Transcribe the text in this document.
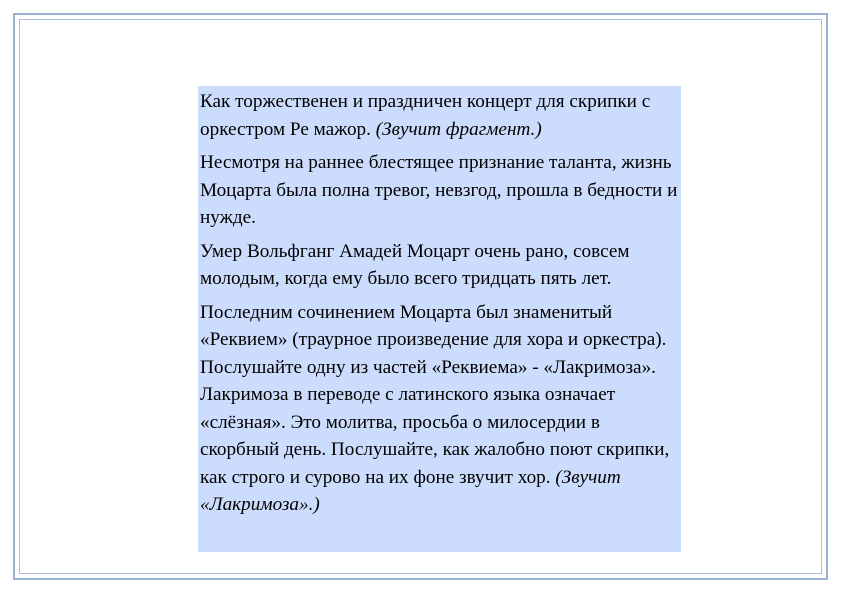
Как торжественен и праздничен концерт для скрипки с оркестром Ре мажор. (Звучит фрагмент.)

Несмотря на раннее блестящее признание таланта, жизнь Моцарта была полна тревог, невзгод, прошла в бедности и нужде.

Умер Вольфганг Амадей Моцарт очень рано, совсем молодым, когда ему было всего тридцать пять лет.

Последним сочинением Моцарта был знаменитый «Реквием» (траурное произведение для хора и оркестра). Послушайте одну из частей «Реквиема» - «Лакримоза». Лакримоза в переводе с латинского языка означает «слёзная». Это молитва, просьба о милосердии в скорбный день. Послушайте, как жалобно поют скрипки, как строго и сурово на их фоне звучит хор. (Звучит «Лакримоза».)
